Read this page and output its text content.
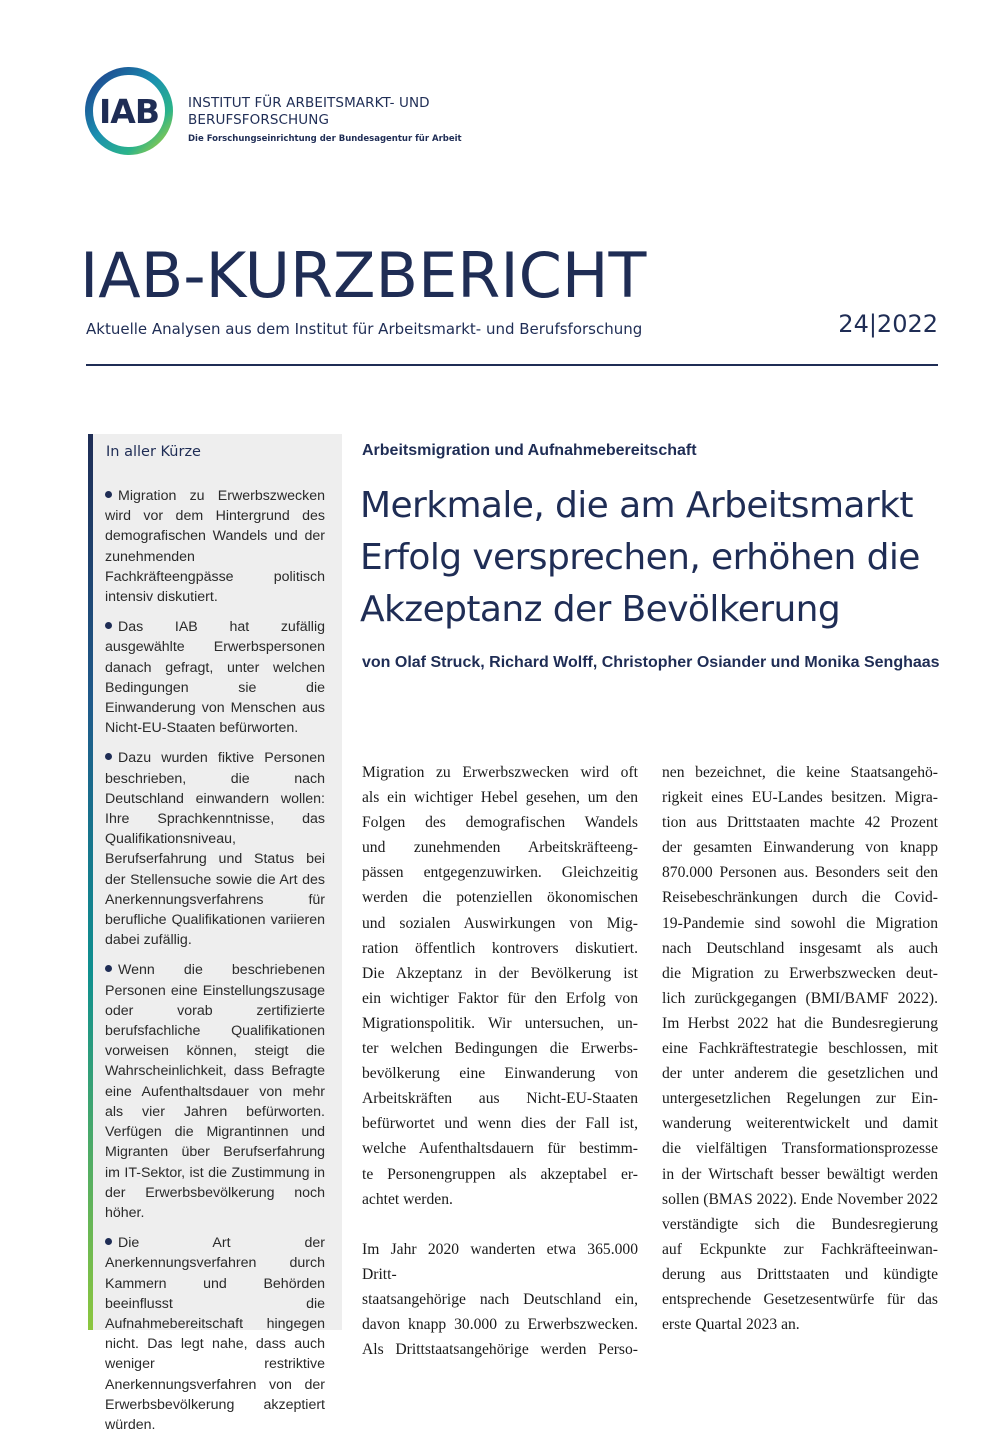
IAB	INSTITUT FÜR ARBEITSMARKT- UND
BERUFSFORSCHUNG
Die Forschungseinrichtung der Bundesagentur für Arbeit
IAB-KURZBERICHT
Aktuelle Analysen aus dem Institut für Arbeitsmarkt- und Berufsforschung	24|2022
In aller Kürze
Migration zu Erwerbszwecken wird vor dem Hintergrund des demografischen Wandels und der zunehmenden Fachkräfteengpässe politisch intensiv diskutiert.
Das IAB hat zufällig ausgewählte Erwerbspersonen danach gefragt, unter welchen Bedingungen sie die Einwanderung von Menschen aus Nicht-EU-Staaten befürworten.
Dazu wurden fiktive Personen beschrieben, die nach Deutschland einwandern wollen: Ihre Sprachkenntnisse, das Qualifikationsniveau, Berufserfahrung und Status bei der Stellensuche sowie die Art des Anerkennungsverfahrens für berufliche Qualifikationen variieren dabei zufällig.
Wenn die beschriebenen Personen eine Einstellungszusage oder vorab zertifizierte berufsfachliche Qualifikationen vorweisen können, steigt die Wahrscheinlichkeit, dass Befragte eine Aufenthaltsdauer von mehr als vier Jahren befürworten. Verfügen die Migrantinnen und Migranten über Berufserfahrung im IT-Sektor, ist die Zustimmung in der Erwerbsbevölkerung noch höher.
Die Art der Anerkennungsverfahren durch Kammern und Behörden beeinflusst die Aufnahmebereitschaft hingegen nicht. Das legt nahe, dass auch weniger restriktive Anerkennungsverfahren von der Erwerbsbevölkerung akzeptiert würden.
Arbeitsmigration und Aufnahmebereitschaft
Merkmale, die am Arbeitsmarkt
Erfolg versprechen, erhöhen die
Akzeptanz der Bevölkerung
von Olaf Struck, Richard Wolff, Christopher Osiander und Monika Senghaas

Migration zu Erwerbszwecken wird oft
als ein wichtiger Hebel gesehen, um den
Folgen des demografischen Wandels
und zunehmenden Arbeitskräfteeng-
pässen entgegenzuwirken. Gleichzeitig
werden die potenziellen ökonomischen
und sozialen Auswirkungen von Mig-
ration öffentlich kontrovers diskutiert.
Die Akzeptanz in der Bevölkerung ist
ein wichtiger Faktor für den Erfolg von
Migrationspolitik. Wir untersuchen, un-
ter welchen Bedingungen die Erwerbs-
bevölkerung eine Einwanderung von
Arbeitskräften aus Nicht-EU-Staaten
befürwortet und wenn dies der Fall ist,
welche Aufenthaltsdauern für bestimm-
te Personengruppen als akzeptabel er-
achtet werden.

Im Jahr 2020 wanderten etwa 365.000 Dritt-
staatsangehörige nach Deutschland ein,
davon knapp 30.000 zu Erwerbszwecken.
Als Drittstaatsangehörige werden Perso-

nen bezeichnet, die keine Staatsangehö-
rigkeit eines EU-Landes besitzen. Migra-
tion aus Drittstaaten machte 42 Prozent
der gesamten Einwanderung von knapp
870.000 Personen aus. Besonders seit den
Reisebeschränkungen durch die Covid-
19-Pandemie sind sowohl die Migration
nach Deutschland insgesamt als auch
die Migration zu Erwerbszwecken deut-
lich zurückgegangen (BMI/BAMF 2022).
Im Herbst 2022 hat die Bundesregierung
eine Fachkräftestrategie beschlossen, mit
der unter anderem die gesetzlichen und
untergesetzlichen Regelungen zur Ein-
wanderung weiterentwickelt und damit
die vielfältigen Transformationsprozesse
in der Wirtschaft besser bewältigt werden
sollen (BMAS 2022). Ende November 2022
verständigte sich die Bundesregierung
auf Eckpunkte zur Fachkräfteeinwan-
derung aus Drittstaaten und kündigte
entsprechende Gesetzesentwürfe für das
erste Quartal 2023 an.
